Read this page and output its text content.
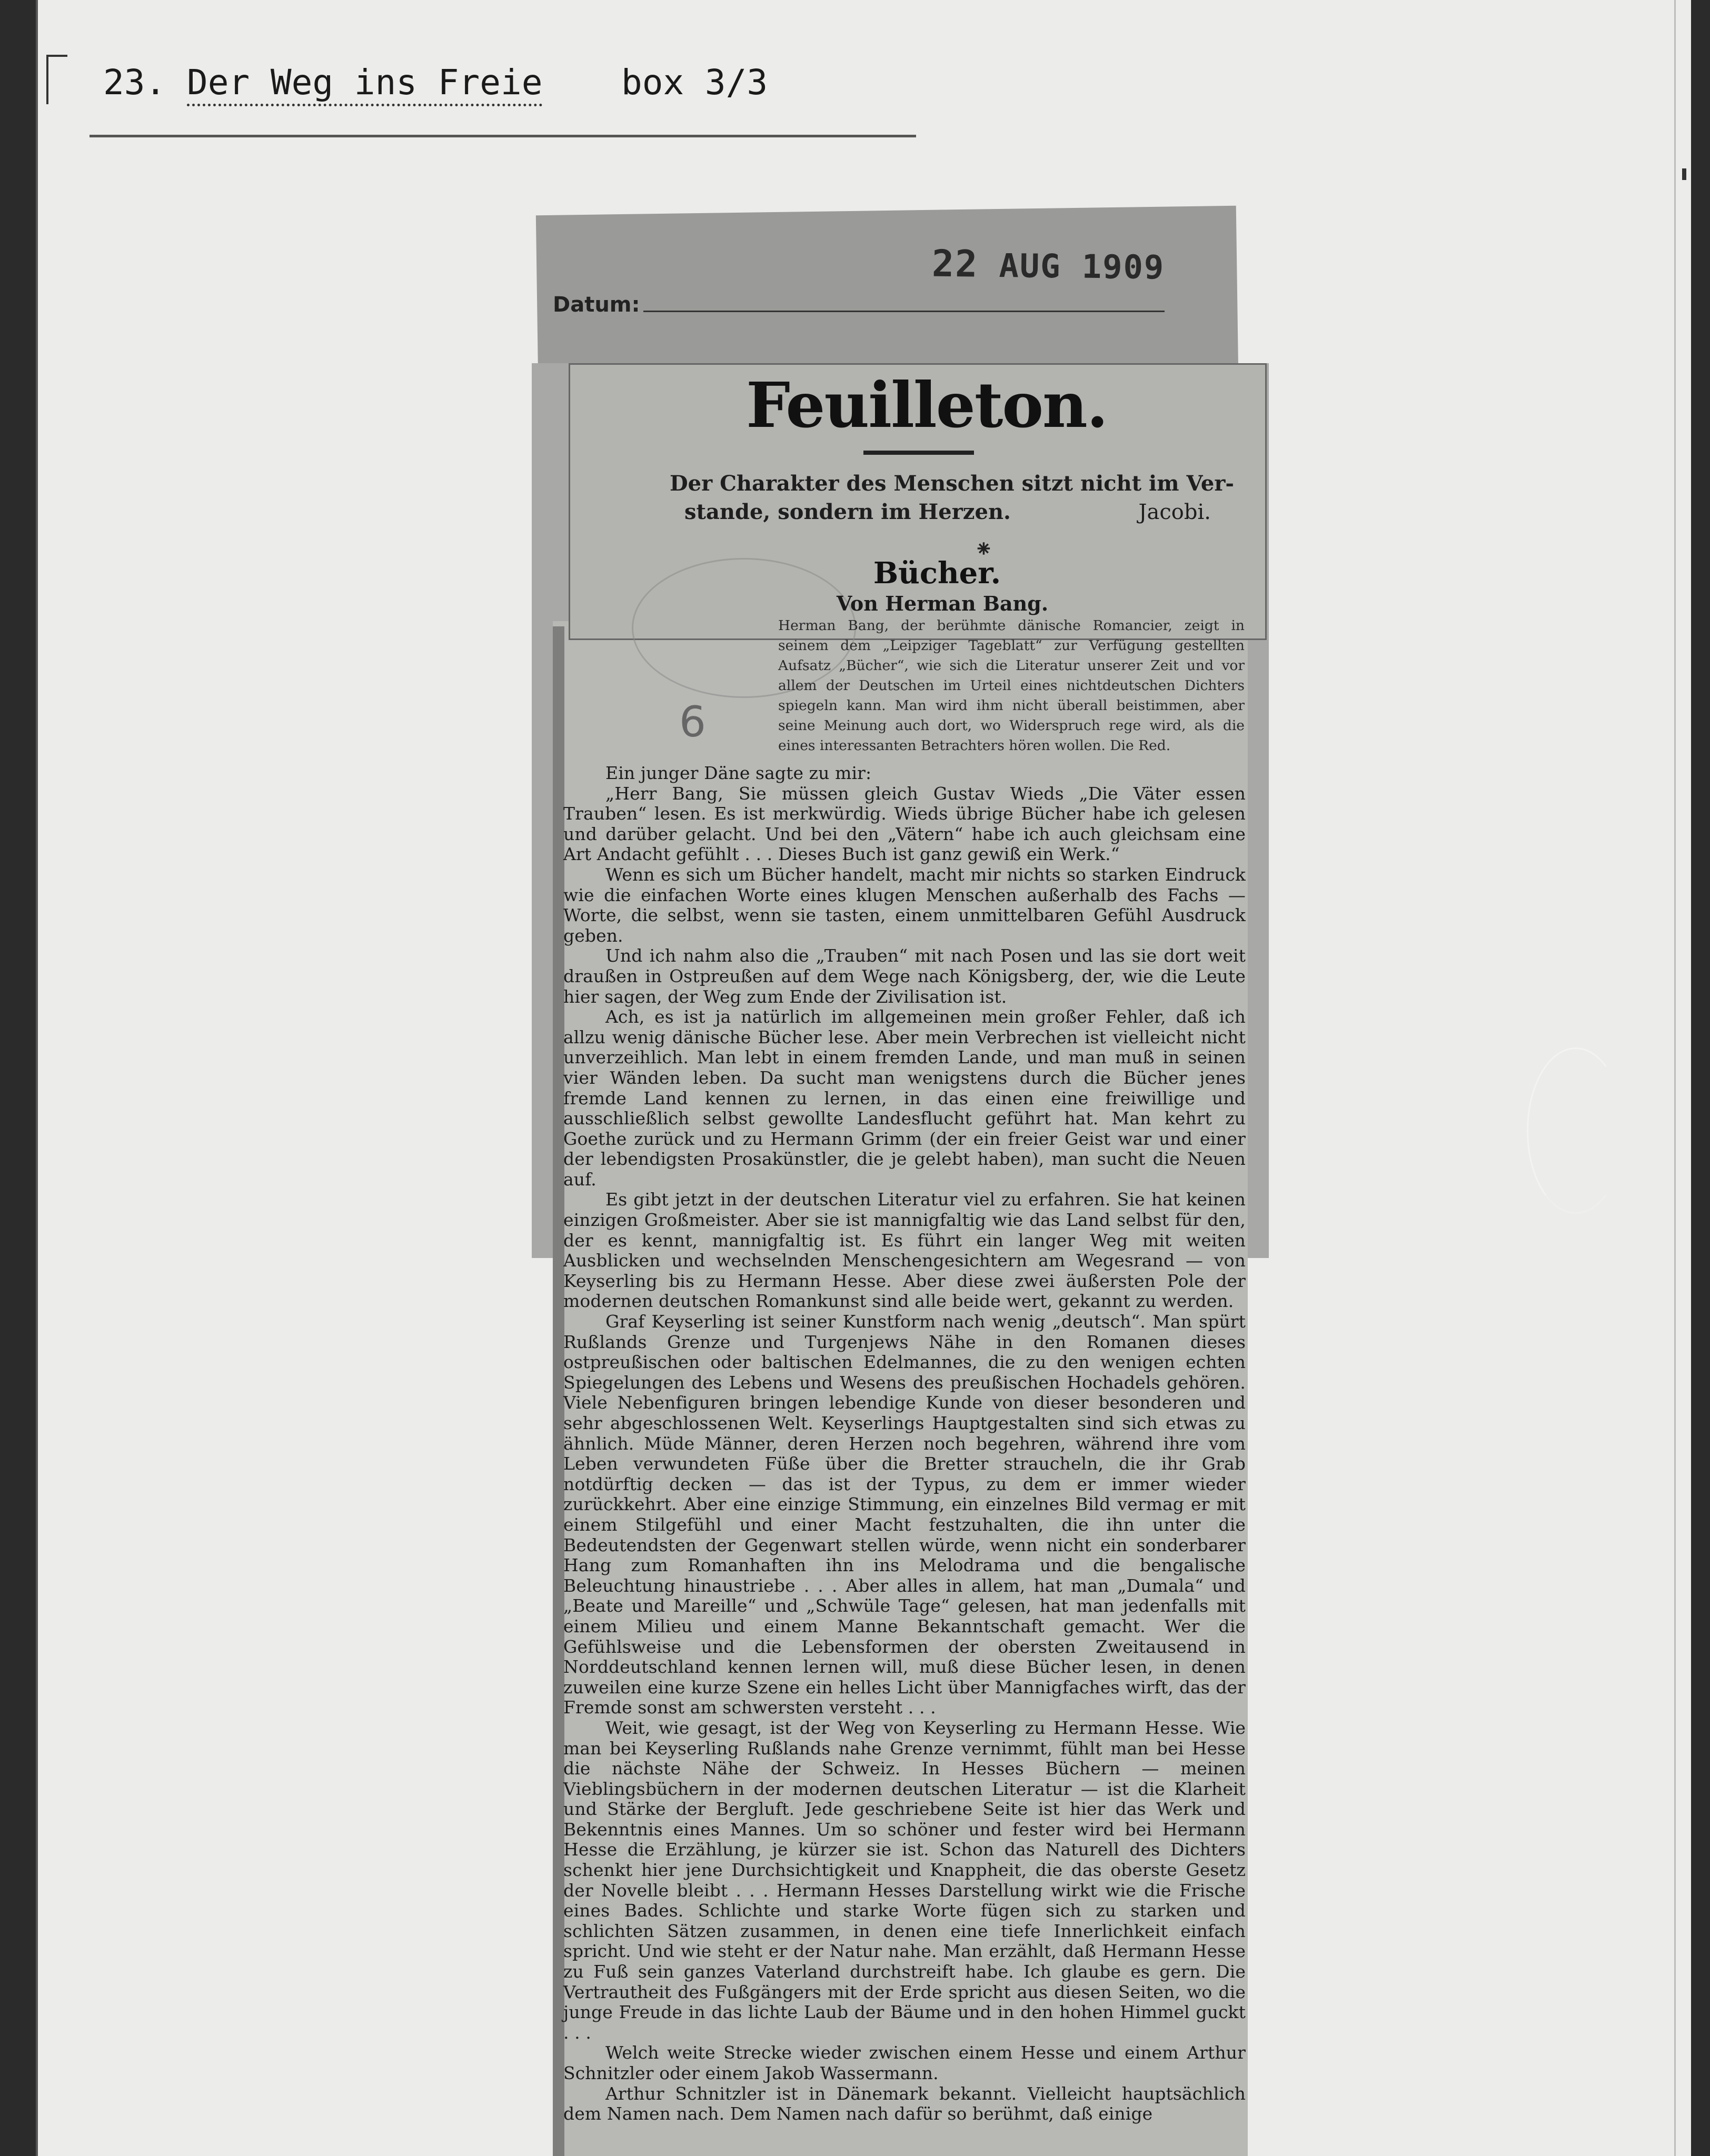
23. Der Weg ins Freie box 3/3
Datum:
22 AUG 1909
Feuilleton.
Der Charakter des Menschen sitzt nicht im Ver-
stande, sondern im Herzen.	Jacobi.
⁕
Bücher.
Von Herman Bang.
Herman Bang, der berühmte dänische Romancier, zeigt in seinem dem „Leipziger Tageblatt“ zur Verfügung gestellten Aufsatz „Bücher“, wie sich die Literatur unserer Zeit und vor allem der Deutschen im Urteil eines nichtdeutschen Dichters spiegeln kann. Man wird ihm nicht überall beistimmen, aber seine Meinung auch dort, wo Widerspruch rege wird, als die eines interessanten Betrachters hören wollen. Die Red.
6

Ein junger Däne sagte zu mir:

„Herr Bang, Sie müssen gleich Gustav Wieds „Die Väter essen Trauben“ lesen. Es ist merkwürdig. Wieds übrige Bücher habe ich gelesen und darüber gelacht. Und bei den „Vätern“ habe ich auch gleichsam eine Art Andacht gefühlt . . . Dieses Buch ist ganz gewiß ein Werk.“

Wenn es sich um Bücher handelt, macht mir nichts so starken Eindruck wie die einfachen Worte eines klugen Menschen außerhalb des Fachs — Worte, die selbst, wenn sie tasten, einem unmittelbaren Gefühl Ausdruck geben.

Und ich nahm also die „Trauben“ mit nach Posen und las sie dort weit draußen in Ostpreußen auf dem Wege nach Königsberg, der, wie die Leute hier sagen, der Weg zum Ende der Zivilisation ist.

Ach, es ist ja natürlich im allgemeinen mein großer Fehler, daß ich allzu wenig dänische Bücher lese. Aber mein Verbrechen ist vielleicht nicht unverzeihlich. Man lebt in einem fremden Lande, und man muß in seinen vier Wänden leben. Da sucht man wenigstens durch die Bücher jenes fremde Land kennen zu lernen, in das einen eine freiwillige und ausschließlich selbst gewollte Landesflucht geführt hat. Man kehrt zu Goethe zurück und zu Hermann Grimm (der ein freier Geist war und einer der lebendigsten Prosakünstler, die je gelebt haben), man sucht die Neuen auf.

Es gibt jetzt in der deutschen Literatur viel zu erfahren. Sie hat keinen einzigen Großmeister. Aber sie ist mannigfaltig wie das Land selbst für den, der es kennt, mannigfaltig ist. Es führt ein langer Weg mit weiten Ausblicken und wechselnden Menschengesichtern am Wegesrand — von Keyserling bis zu Hermann Hesse. Aber diese zwei äußersten Pole der modernen deutschen Romankunst sind alle beide wert, gekannt zu werden.

Graf Keyserling ist seiner Kunstform nach wenig „deutsch“. Man spürt Rußlands Grenze und Turgenjews Nähe in den Romanen dieses ostpreußischen oder baltischen Edelmannes, die zu den wenigen echten Spiegelungen des Lebens und Wesens des preußischen Hochadels gehören. Viele Nebenfiguren bringen lebendige Kunde von dieser besonderen und sehr abgeschlossenen Welt. Keyserlings Hauptgestalten sind sich etwas zu ähnlich. Müde Männer, deren Herzen noch begehren, während ihre vom Leben verwundeten Füße über die Bretter straucheln, die ihr Grab notdürftig decken — das ist der Typus, zu dem er immer wieder zurückkehrt. Aber eine einzige Stimmung, ein einzelnes Bild vermag er mit einem Stilgefühl und einer Macht festzuhalten, die ihn unter die Bedeutendsten der Gegenwart stellen würde, wenn nicht ein sonderbarer Hang zum Romanhaften ihn ins Melodrama und die bengalische Beleuchtung hinaustriebe . . . Aber alles in allem, hat man „Dumala“ und „Beate und Mareille“ und „Schwüle Tage“ gelesen, hat man jedenfalls mit einem Milieu und einem Manne Bekanntschaft gemacht. Wer die Gefühlsweise und die Lebensformen der obersten Zweitausend in Norddeutschland kennen lernen will, muß diese Bücher lesen, in denen zuweilen eine kurze Szene ein helles Licht über Mannigfaches wirft, das der Fremde sonst am schwersten versteht . . .

Weit, wie gesagt, ist der Weg von Keyserling zu Hermann Hesse. Wie man bei Keyserling Rußlands nahe Grenze vernimmt, fühlt man bei Hesse die nächste Nähe der Schweiz. In Hesses Büchern — meinen Vieblingsbüchern in der modernen deutschen Literatur — ist die Klarheit und Stärke der Bergluft. Jede geschriebene Seite ist hier das Werk und Bekenntnis eines Mannes. Um so schöner und fester wird bei Hermann Hesse die Erzählung, je kürzer sie ist. Schon das Naturell des Dichters schenkt hier jene Durchsichtigkeit und Knappheit, die das oberste Gesetz der Novelle bleibt . . . Hermann Hesses Darstellung wirkt wie die Frische eines Bades. Schlichte und starke Worte fügen sich zu starken und schlichten Sätzen zusammen, in denen eine tiefe Innerlichkeit einfach spricht. Und wie steht er der Natur nahe. Man erzählt, daß Hermann Hesse zu Fuß sein ganzes Vaterland durchstreift habe. Ich glaube es gern. Die Vertrautheit des Fußgängers mit der Erde spricht aus diesen Seiten, wo die junge Freude in das lichte Laub der Bäume und in den hohen Himmel guckt . . .

Welch weite Strecke wieder zwischen einem Hesse und einem Arthur Schnitzler oder einem Jakob Wassermann.

Arthur Schnitzler ist in Dänemark bekannt. Vielleicht hauptsächlich dem Namen nach. Dem Namen nach dafür so berühmt, daß einige
